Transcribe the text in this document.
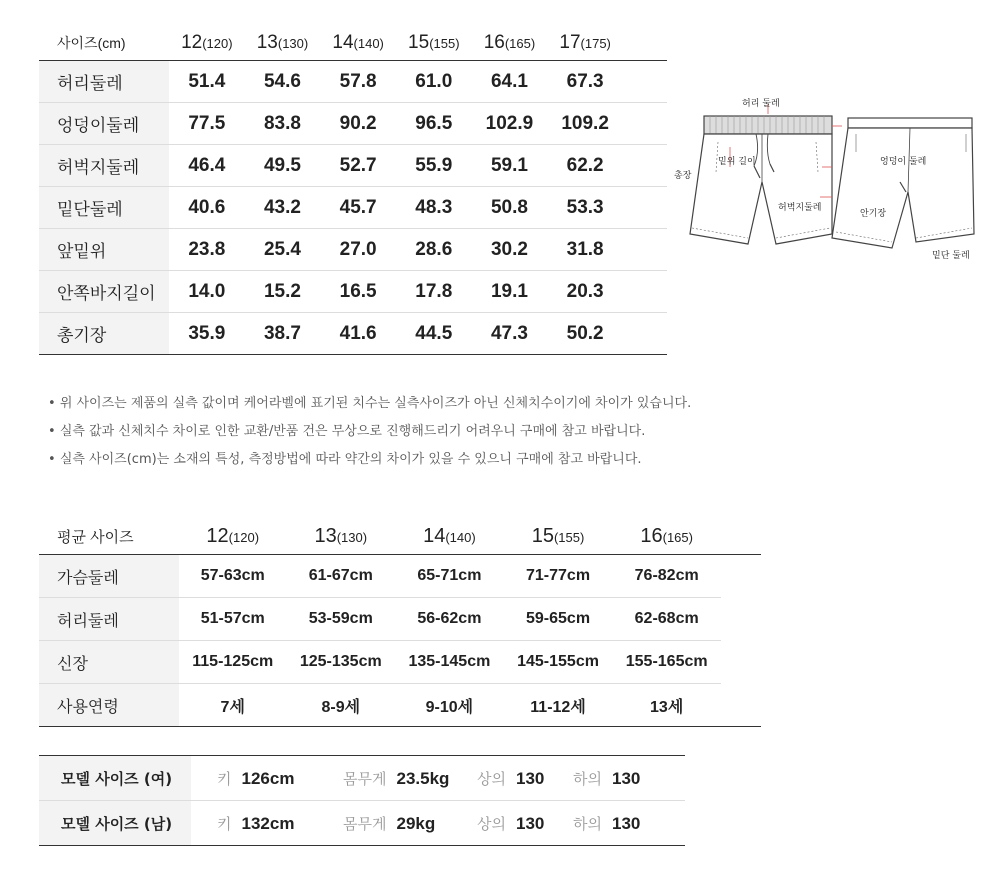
사이즈(cm)	12(120)	13(130)	14(140)	15(155)	16(165)	17(175)	
허리둘레	51.4	54.6	57.8	61.0	64.1	67.3	
엉덩이둘레	77.5	83.8	90.2	96.5	102.9	109.2	
허벅지둘레	46.4	49.5	52.7	55.9	59.1	62.2	
밑단둘레	40.6	43.2	45.7	48.3	50.8	53.3	
앞밑위	23.8	25.4	27.0	28.6	30.2	31.8	
안쪽바지길이	14.0	15.2	16.5	17.8	19.1	20.3	
총기장	35.9	38.7	41.6	44.5	47.3	50.2	
허리 둘레
총장
밑위 길이
허벅지둘레
엉덩이 둘레
안기장
밑단 둘레
• 위 사이즈는 제품의 실측 값이며 케어라벨에 표기된 치수는 실측사이즈가 아닌 신체치수이기에 차이가 있습니다.
• 실측 값과 신체치수 차이로 인한 교환/반품 건은 무상으로 진행해드리기 어려우니 구매에 참고 바랍니다.
• 실측 사이즈(cm)는 소재의 특성, 측정방법에 따라 약간의 차이가 있을 수 있으니 구매에 참고 바랍니다.
평균 사이즈	12(120)	13(130)	14(140)	15(155)	16(165)	
가슴둘레	57-63cm	61-67cm	65-71cm	71-77cm	76-82cm	
허리둘레	51-57cm	53-59cm	56-62cm	59-65cm	62-68cm	
신장	115-125cm	125-135cm	135-145cm	145-155cm	155-165cm	
사용연령	7세	8-9세	9-10세	11-12세	13세	
모델 사이즈 (여)	키 126cm	몸무게 23.5kg	상의 130	하의 130
모델 사이즈 (남)	키 132cm	몸무게 29kg	상의 130	하의 130
